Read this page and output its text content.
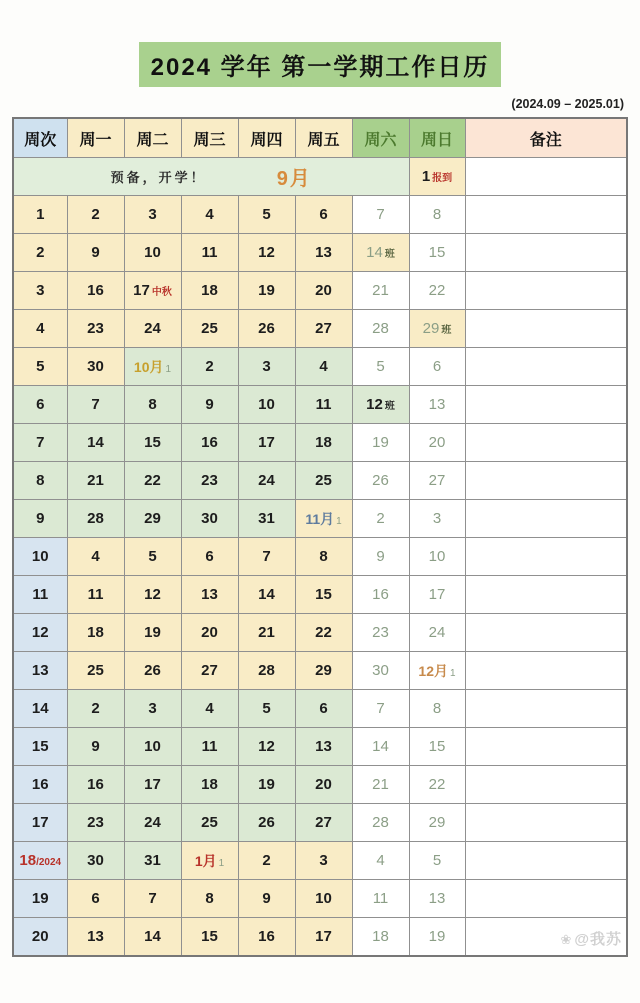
2024 学年 第一学期工作日历
(2024.09 – 2025.01)
周次	周一	周二	周三	周四	周五	周六	周日	备注

预备，开学！ 9月							1 报到	
1	2	3	4	5	6	7	8	
2	9	10	11	12	13	14 班	15	
3	16	17 中秋	18	19	20	21	22	
4	23	24	25	26	27	28	29 班	
5	30	10月 1	2	3	4	5	6	
6	7	8	9	10	11	12 班	13	
7	14	15	16	17	18	19	20	
8	21	22	23	24	25	26	27	
9	28	29	30	31	11月 1	2	3	
10	4	5	6	7	8	9	10	
11	11	12	13	14	15	16	17	
12	18	19	20	21	22	23	24	
13	25	26	27	28	29	30	12月 1	
14	2	3	4	5	6	7	8	
15	9	10	11	12	13	14	15	
16	16	17	18	19	20	21	22	
17	23	24	25	26	27	28	29	
18/2024	30	31	1月 1	2	3	4	5	
19	6	7	8	9	10	11	13	
20	13	14	15	16	17	18	19	❀ @我苏
